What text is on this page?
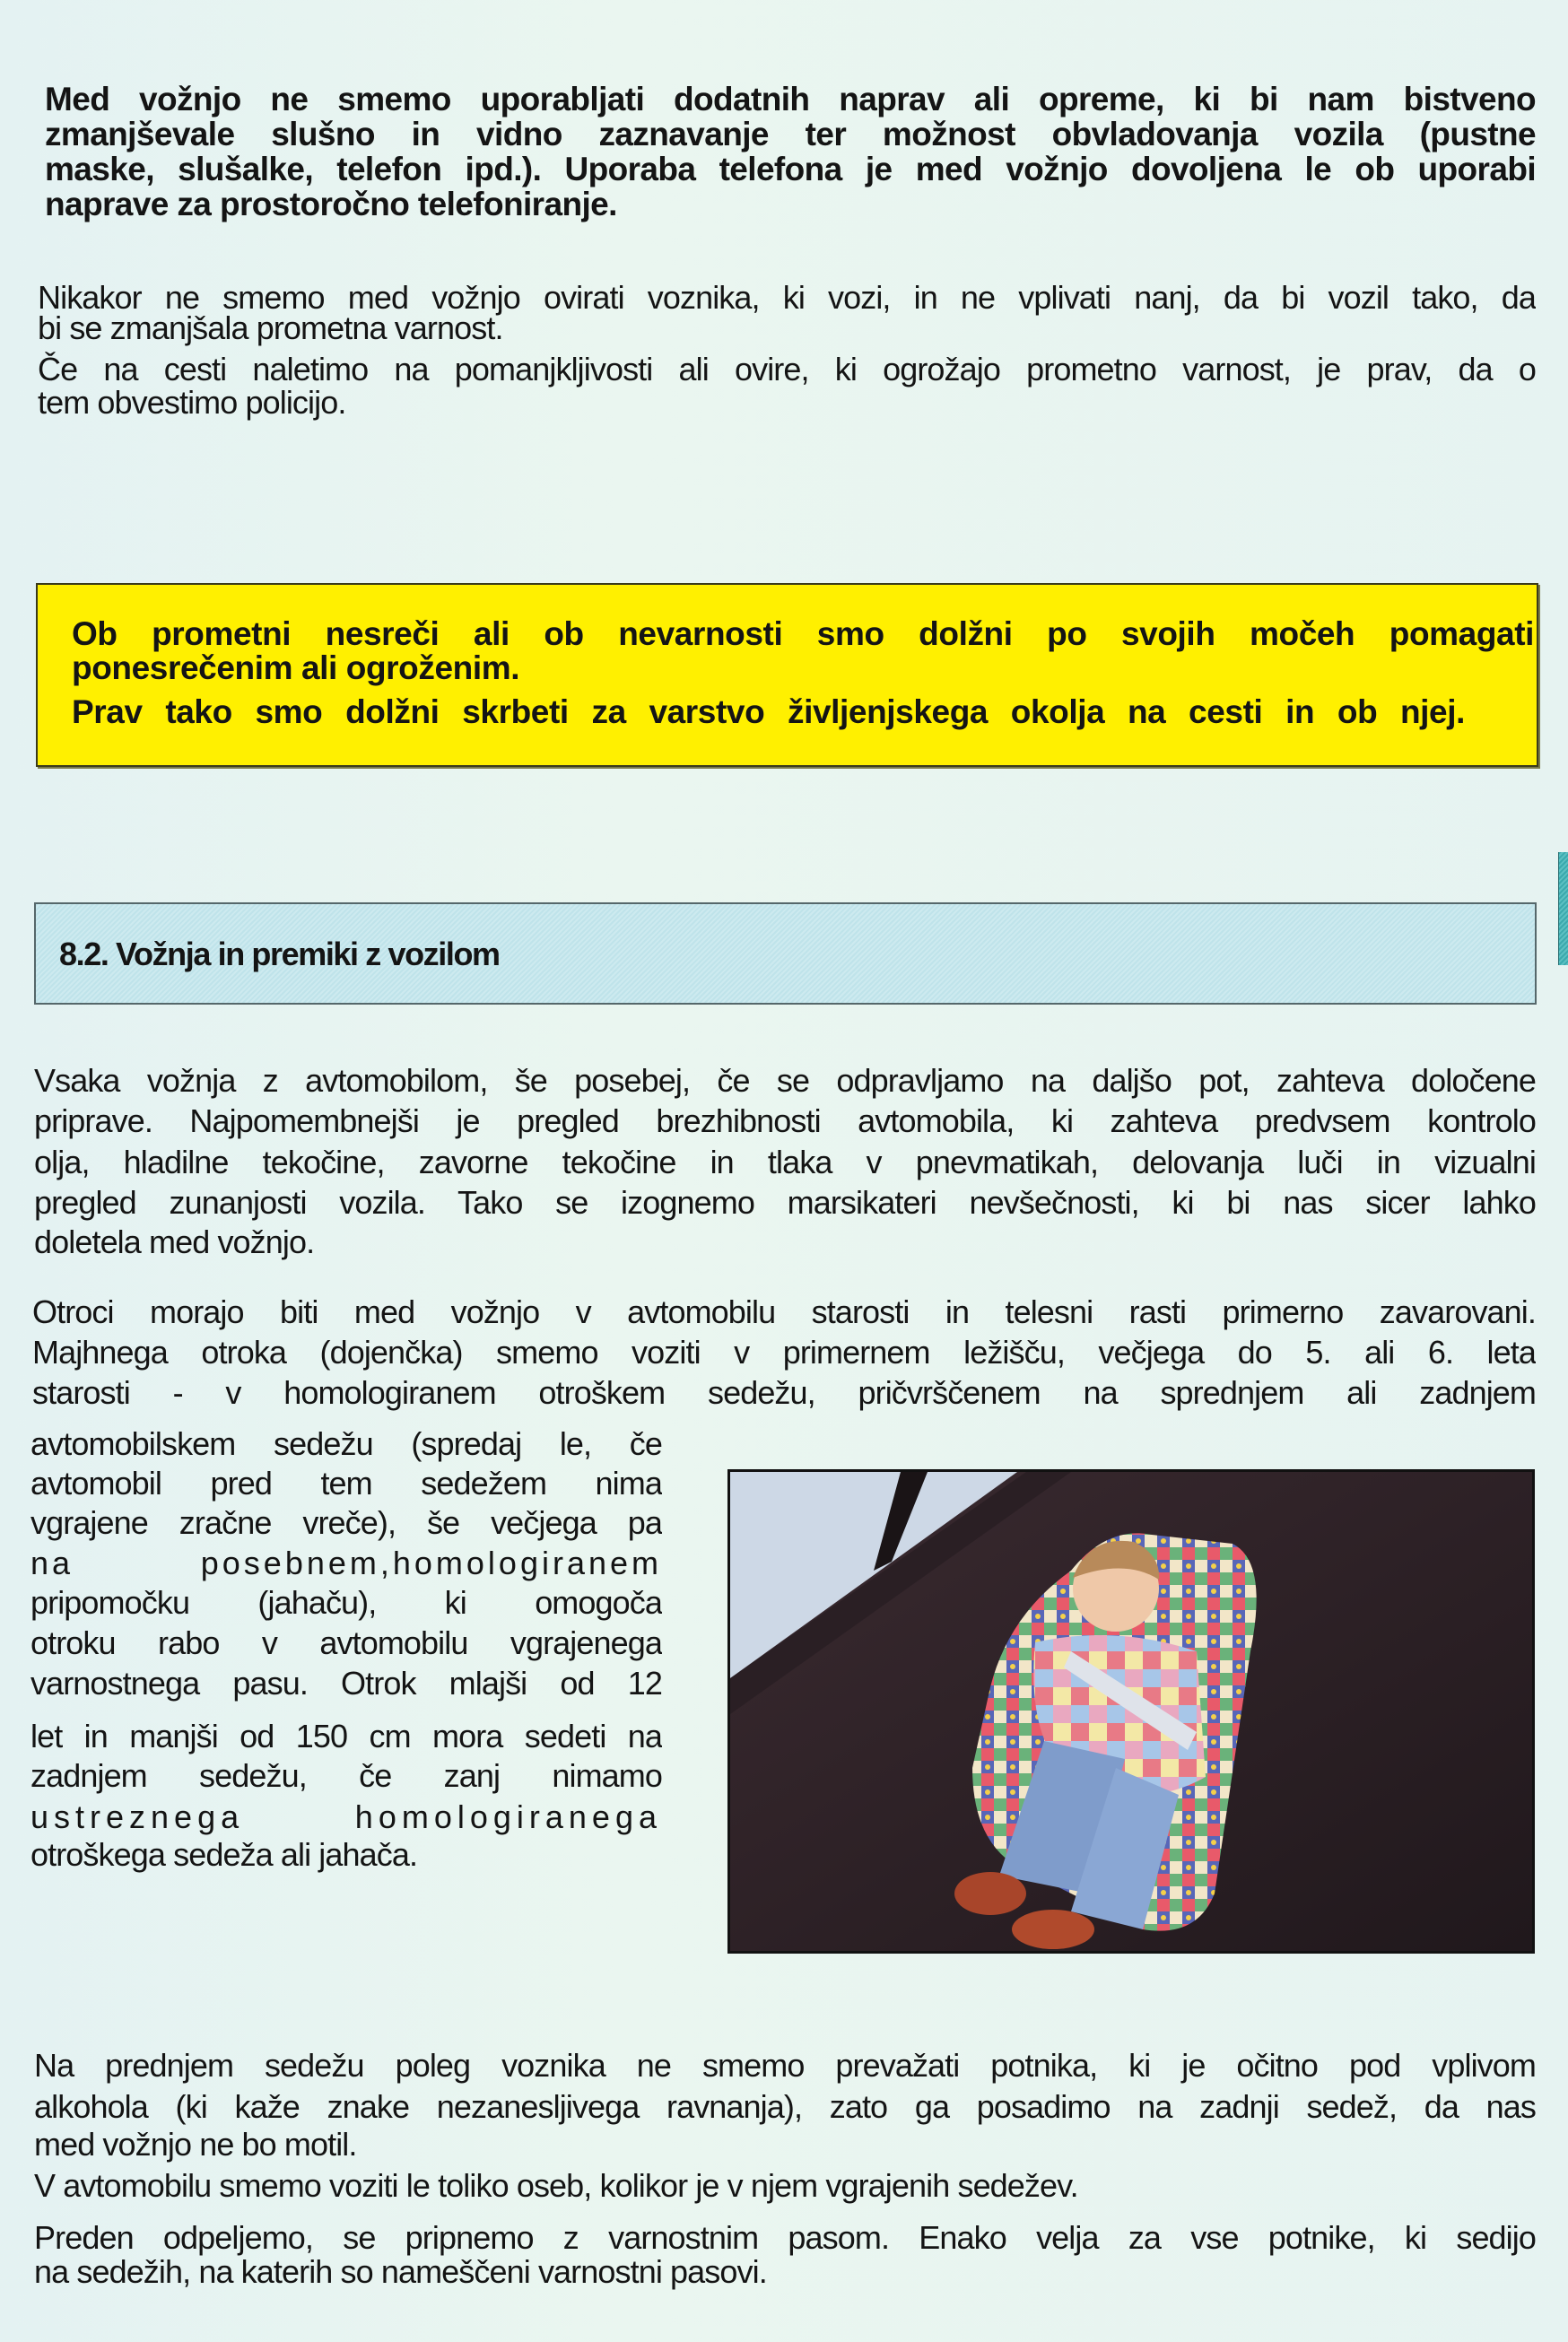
Med vožnjo ne smemo uporabljati dodatnih naprav ali opreme, ki bi nam bistveno
zmanjševale slušno in vidno zaznavanje ter možnost obvladovanja vozila (pustne
maske, slušalke, telefon ipd.). Uporaba telefona je med vožnjo dovoljena le ob uporabi
naprave za prostoročno telefoniranje.
Nikakor ne smemo med vožnjo ovirati voznika, ki vozi, in ne vplivati nanj, da bi vozil tako, da
bi se zmanjšala prometna varnost.
Če na cesti naletimo na pomanjkljivosti ali ovire, ki ogrožajo prometno varnost, je prav, da o
tem obvestimo policijo.
Ob prometni nesreči ali ob nevarnosti smo dolžni po svojih močeh pomagati
ponesrečenim ali ogroženim.
Prav tako smo dolžni skrbeti za varstvo življenjskega okolja na cesti in ob njej.
8.2. Vožnja in premiki z vozilom
Vsaka vožnja z avtomobilom, še posebej, če se odpravljamo na daljšo pot, zahteva določene
priprave. Najpomembnejši je pregled brezhibnosti avtomobila, ki zahteva predvsem kontrolo
olja, hladilne tekočine, zavorne tekočine in tlaka v pnevmatikah, delovanja luči in vizualni
pregled zunanjosti vozila. Tako se izognemo marsikateri nevšečnosti, ki bi nas sicer lahko
doletela med vožnjo.
Otroci morajo biti med vožnjo v avtomobilu starosti in telesni rasti primerno zavarovani.
Majhnega otroka (dojenčka) smemo voziti v primernem ležišču, večjega do 5. ali 6. leta
starosti - v homologiranem otroškem sedežu, pričvrščenem na sprednjem ali zadnjem
avtomobilskem sedežu (spredaj le, če
avtomobil pred tem sedežem nima
vgrajene zračne vreče), še večjega pa
na posebnem,homologiranem
pripomočku (jahaču), ki omogoča
otroku rabo v avtomobilu vgrajenega
varnostnega pasu. Otrok mlajši od 12
let in manjši od 150 cm mora sedeti na
zadnjem sedežu, če zanj nimamo
ustreznega homologiranega
otroškega sedeža ali jahača.
Na prednjem sedežu poleg voznika ne smemo prevažati potnika, ki je očitno pod vplivom
alkohola (ki kaže znake nezanesljivega ravnanja), zato ga posadimo na zadnji sedež, da nas
med vožnjo ne bo motil.
V avtomobilu smemo voziti le toliko oseb, kolikor je v njem vgrajenih sedežev.
Preden odpeljemo, se pripnemo z varnostnim pasom. Enako velja za vse potnike, ki sedijo
na sedežih, na katerih so nameščeni varnostni pasovi.
